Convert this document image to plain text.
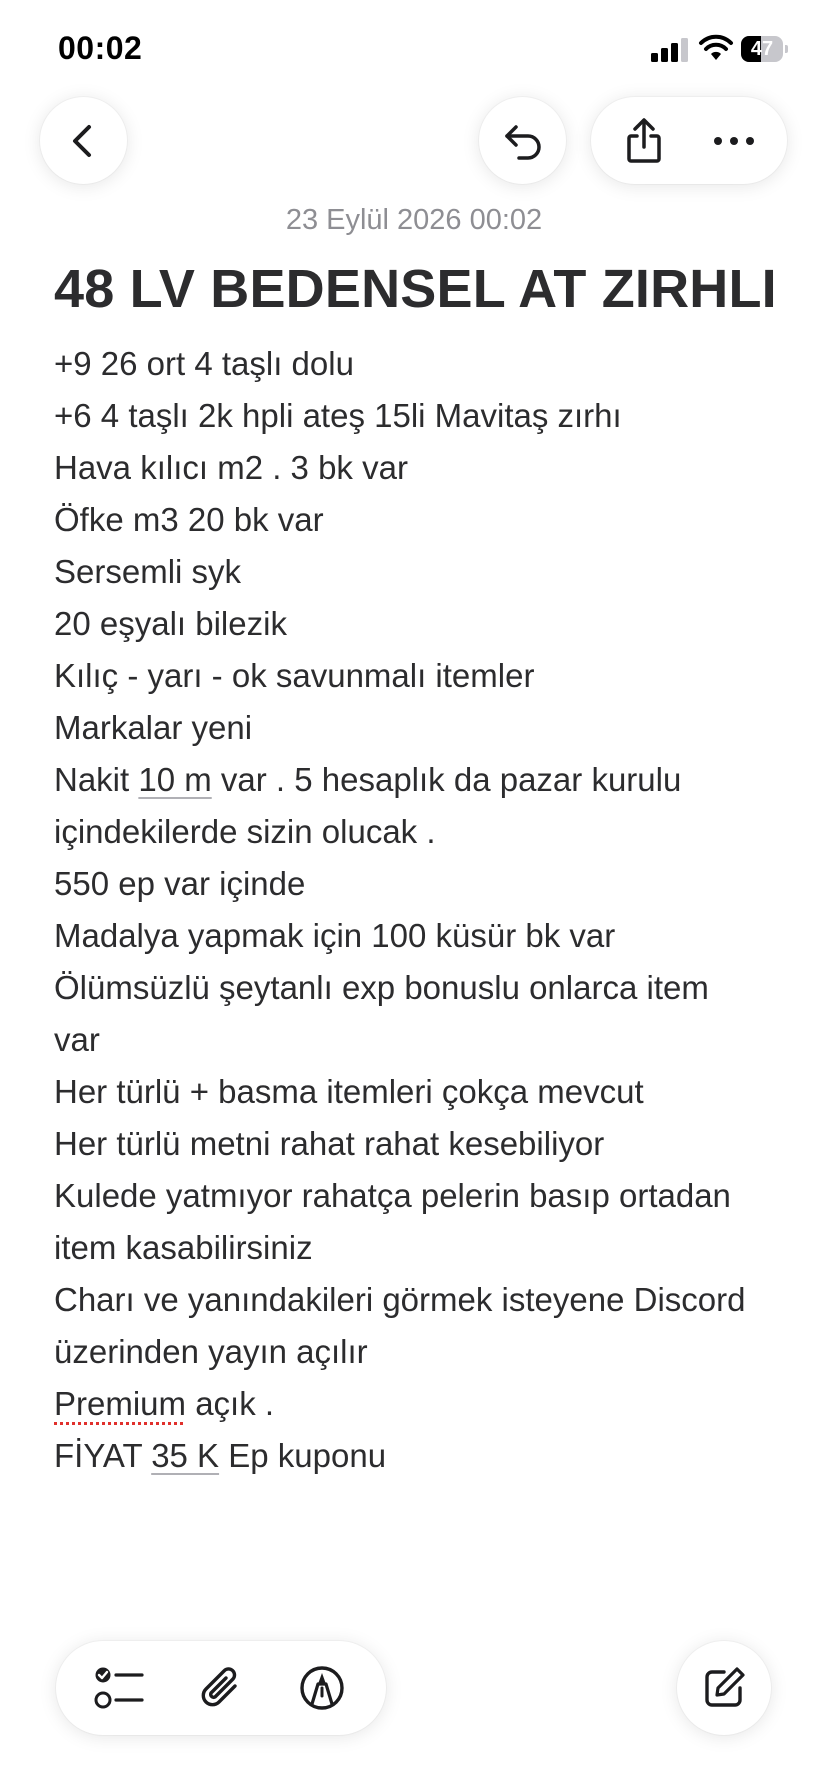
00:02	47
23 Eylül 2026 00:02
48 LV BEDENSEL AT ZIRHLI
+9 26 ort 4 taşlı dolu
+6 4 taşlı 2k hpli ateş 15li Mavitaş zırhı
Hava kılıcı m2 . 3 bk var
Öfke m3 20 bk var
Sersemli syk
20 eşyalı bilezik
Kılıç - yarı - ok savunmalı itemler
Markalar yeni
Nakit 10 m var . 5 hesaplık da pazar kurulu
içindekilerde sizin olucak .
550 ep var içinde
Madalya yapmak için 100 küsür bk var
Ölümsüzlü şeytanlı exp bonuslu onlarca item
var
Her türlü + basma itemleri çokça mevcut
Her türlü metni rahat rahat kesebiliyor
Kulede yatmıyor rahatça pelerin basıp ortadan
item kasabilirsiniz
Charı ve yanındakileri görmek isteyene Discord
üzerinden yayın açılır
Premium açık .
FİYAT 35 K Ep kuponu
